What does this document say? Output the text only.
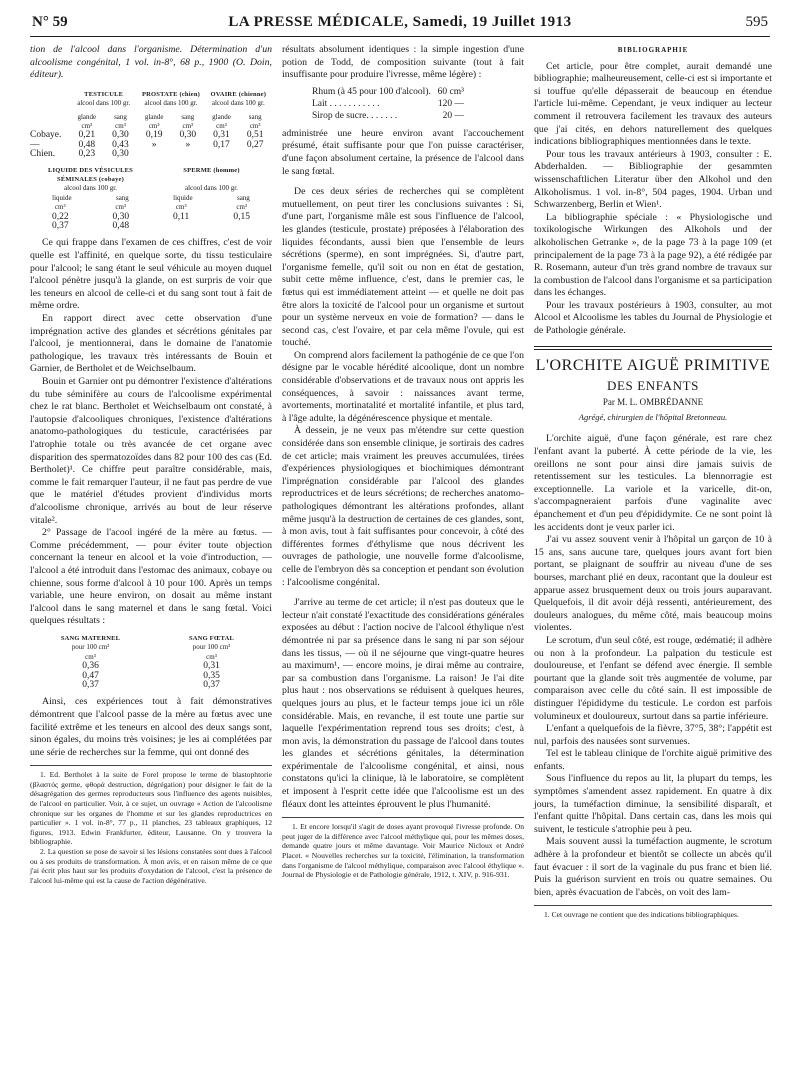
N° 59	LA PRESSE MÉDICALE, Samedi, 19 Juillet 1913	595

tion de l'alcool dans l'organisme. Détermination d'un alcoolisme congénital, 1 vol. in-8°, 68 p., 1900 (O. Doin, éditeur).

TESTICULE	PROSTATE (chien)	OVAIRE (chienne)
alcool dans 100 gr.	alcool dans 100 gr.	alcool dans 100 gr.
glande	sang	glande	sang	glande	sang
cm³	cm³	cm³	cm³	cm³	cm³
Cobaye.	0,21	0,30	0,19	0,30	0,31	0,51
—	0,48	0,43	»	»	0,17	0,27
Chien.	0,23	0,30
LIQUIDE DES VÉSICULES SÉMINALES (cobaye)
SPERME (homme)
alcool dans 100 gr.	alcool dans 100 gr.
liquide	sang	liquide	sang
cm³	cm³	cm³	cm³
0,22	0,30	0,11	0,15
0,37	0,48

Ce qui frappe dans l'examen de ces chiffres, c'est de voir quelle est l'affinité, en quelque sorte, du tissu testiculaire pour l'alcool; le sang étant le seul véhicule au moyen duquel l'alcool pénètre jusqu'à la glande, on est surpris de voir que les teneurs en alcool de celle-ci et du sang sont tout à fait de même ordre.

En rapport direct avec cette observation d'une imprégnation active des glandes et sécrétions génitales par l'alcool, je mentionnerai, dans le domaine de l'anatomie pathologique, les travaux très intéressants de Bouin et Garnier, de Bertholet et de Weichselbaum.

Bouin et Garnier ont pu démontrer l'existence d'altérations du tube séminifère au cours de l'alcoolisme expérimental chez le rat blanc. Bertholet et Weichselbaum ont constaté, à l'autopsie d'alcooliques chroniques, l'existence d'altérations anatomo-pathologiques du testicule, caractérisées par l'atrophie totale ou très avancée de cet organe avec disparition des spermatozoïdes dans 82 pour 100 des cas (Ed. Bertholet)¹. Ce chiffre peut paraître considérable, mais, comme le fait remarquer l'auteur, il ne faut pas perdre de vue que le matériel d'études provient d'individus morts d'alcoolisme chronique, arrivés au bout de leur réserve vitale².

2° Passage de l'acool ingéré de la mère au fœtus. — Comme précédemment, — pour éviter toute objection concernant la teneur en alcool et la voie d'introduction, — l'alcool a été introduit dans l'estomac des animaux, cobaye ou chienne, sous forme d'alcool à 10 pour 100. Après un temps variable, une heure environ, on dosait au même instant l'alcool dans le sang maternel et dans le sang fœtal. Voici quelques résultats :

SANG MATERNEL	SANG FŒTAL
pour 100 cm³	pour 100 cm³
cm³	cm³
0,36	0,31
0,47	0,35
0,37	0,37

Ainsi, ces expériences tout à fait démonstratives démontrent que l'alcool passe de la mère au fœtus avec une facilité extrême et les teneurs en alcool des deux sangs sont, sinon égales, du moins très voisines; je les ai complétées par une série de recherches sur la femme, qui ont donné des

1. Ed. Bertholet à la suite de Forel propose le terme de blastophtorie (βλαστός germe, φθορά destruction, dégrégation) pour désigner le fait de la désagrégation des germes reproducteurs sous l'influence des agents nuisibles, de l'alcool en particulier. Voir, à ce sujet, un ouvrage « Action de l'alcoolisme chronique sur les organes de l'homme et sur les glandes reproductrices en particulier ». 1 vol. in-8°, 77 p., 11 planches, 23 tableaux graphiques, 12 figures, 1913. Edwin Frankfurter, éditeur, Lausanne. On y trouvera la bibliographie.

2. La question se pose de savoir si les lésions constatées sont dues à l'alcool ou à ses produits de transformation. À mon avis, et en raison même de ce que j'ai écrit plus haut sur les produits d'oxydation de l'alcool, c'est la présence de l'alcool lui-même qui est la cause de l'action dégénérative.

résultats absolument identiques : la simple ingestion d'une potion de Todd, de composition suivante (tout à fait insuffisante pour produire l'ivresse, même légère) :

Rhum (à 45 pour 100 d'alcool). 60 cm³
Lait . . . . . . . . . . .	120 —
Sirop de sucre. . . . . . .	20 —

administrée une heure environ avant l'accouchement présumé, était suffisante pour que l'on puisse caractériser, d'une façon absolument certaine, la présence de l'alcool dans le sang fœtal.

De ces deux séries de recherches qui se complètent mutuellement, on peut tirer les conclusions suivantes : Si, d'une part, l'organisme mâle est sous l'influence de l'alcool, les glandes (testicule, prostate) préposées à l'élaboration des liquides fécondants, aussi bien que l'ensemble de leurs sécrétions (sperme), en sont imprégnées. Si, d'autre part, l'organisme femelle, qu'il soit ou non en état de gestation, subit cette même influence, c'est, dans le premier cas, le fœtus qui est immédiatement atteint — et quelle ne doit pas être alors la toxicité de l'alcool pour un organisme et surtout pour un système nerveux en voie de formation? — dans le second cas, c'est l'ovaire, et par cela même l'ovule, qui est touché.

On comprend alors facilement la pathogénie de ce que l'on désigne par le vocable hérédité alcoolique, dont un nombre considérable d'observations et de travaux nous ont appris les conséquences, à savoir : naissances avant terme, avortements, mortinatalité et mortalité infantile, et plus tard, à l'âge adulte, la dégénérescence physique et mentale.

À dessein, je ne veux pas m'étendre sur cette question considérée dans son ensemble clinique, je sortirais des cadres de cet article; mais vraiment les preuves accumulées, tirées d'expériences physiologiques et biochimiques démontrant l'imprégnation considérable par l'alcool des glandes reproductrices et de leurs sécrétions; de recherches anatomo-pathologiques démontrant les altérations profondes, allant même jusqu'à la destruction de certaines de ces glandes, sont, à mon avis, tout à fait suffisantes pour concevoir, à côté des différentes formes d'éthylisme que nous décrivent les ouvrages de pathologie, une nouvelle forme d'alcoolisme, celle de l'embryon dès sa conception et pendant son évolution : l'alcoolisme congénital.

J'arrive au terme de cet article; il n'est pas douteux que le lecteur n'ait constaté l'exactitude des considérations générales exposées au début : l'action nocive de l'alcool éthylique n'est démontrée ni par sa présence dans le sang ni par son séjour dans les tissus, — où il ne séjourne que vingt-quatre heures au maximum¹, — encore moins, je dirai même au contraire, par sa combustion dans l'organisme. La raison! Je l'ai dite plus haut : nos observations se réduisent à quelques heures, quelques jours au plus, et le facteur temps joue ici un rôle considérable. Mais, en revanche, il est toute une partie sur laquelle l'expérimentation reprend tous ses droits; c'est, à mon avis, la démonstration du passage de l'alcool dans toutes les glandes et sécrétions génitales, la détermination expérimentale de l'alcoolisme congénital, et ainsi, nous constatons qu'ici la clinique, là le laboratoire, se complètent et imposent à l'esprit cette idée que l'alcoolisme est un des fléaux dont les atteintes éprouvent le plus l'humanité.

1. Et encore lorsqu'il s'agit de doses ayant provoqué l'ivresse profonde. On peut juger de la différence avec l'alcool méthylique qui, pour les mêmes doses, demande quatre jours et même davantage. Voir Maurice Nicloux et André Placet. « Nouvelles recherches sur la toxicité, l'élimination, la transformation dans l'organisme de l'alcool méthylique, comparaison avec l'alcool éthylique ». Journal de Physiologie et de Pathologie générale, 1912, t. XIV, p. 916-931.

BIBLIOGRAPHIE

Cet article, pour être complet, aurait demandé une bibliographie; malheureusement, celle-ci est si importante et si touffue qu'elle dépasserait de beaucoup en étendue l'article lui-même. Cependant, je veux indiquer au lecteur comment il retrouvera facilement les travaux des auteurs que j'ai cités, en dehors naturellement des quelques indications bibliographiques mentionnées dans le texte.

Pour tous les travaux antérieurs à 1903, consulter : E. Abderhalden. — Bibliographie der gesammten wissenschaftlichen Literatur über den Alkohol und den Alkoholismus. 1 vol. in-8°, 504 pages, 1904. Urban und Schwarzenberg, Berlin et Wien¹.

La bibliographie spéciale : « Physiologische und toxikologische Wirkungen des Alkohols und der alkoholischen Getranke », de la page 73 à la page 109 (et principalement de la page 73 à la page 92), a été rédigée par R. Rosemann, auteur d'un très grand nombre de travaux sur la combustion de l'alcool dans l'organisme et sa participation dans les échanges.

Pour les travaux postérieurs à 1903, consulter, au mot Alcool et Alcoolisme les tables du Journal de Physiologie et de Pathologie générale.

L'ORCHITE AIGUË PRIMITIVE
DES ENFANTS
Par M. L. OMBRÉDANNE
Agrégé, chirurgien de l'hôpital Bretonneau.

L'orchite aiguë, d'une façon générale, est rare chez l'enfant avant la puberté. À cette période de la vie, les oreillons ne sont pour ainsi dire jamais suivis de retentissement sur les testicules. La blennorragie est exceptionnelle. La variole et la varicelle, dit-on, s'accompagneraient parfois d'une vaginalite avec épanchement et d'un peu d'épididymite. Ce ne sont point là les accidents dont je veux parler ici.

J'ai vu assez souvent venir à l'hôpital un garçon de 10 à 15 ans, sans aucune tare, quelques jours avant fort bien portant, se plaignant de souffrir au niveau d'une de ses bourses, marchant plié en deux, racontant que la douleur est apparue assez brusquement deux ou trois jours auparavant. Quelquefois, il dit avoir déjà ressenti, antérieurement, des douleurs analogues, du même côté, mais beaucoup moins violentes.

Le scrotum, d'un seul côté, est rouge, œdématié; il adhère ou non à la profondeur. La palpation du testicule est douloureuse, et l'enfant se défend avec énergie. Il semble pourtant que la glande soit très augmentée de volume, par comparaison avec celle du côté sain. Il est impossible de distinguer l'épididyme du testicule. Le cordon est parfois volumineux et douloureux, surtout dans sa partie inférieure.

L'enfant a quelquefois de la fièvre, 37°5, 38°; l'appétit est nul, parfois des nausées sont survenues.

Tel est le tableau clinique de l'orchite aiguë primitive des enfants.

Sous l'influence du repos au lit, la plupart du temps, les symptômes s'amendent assez rapidement. En quatre à dix jours, la tuméfaction diminue, la sensibilité disparaît, et l'enfant quitte l'hôpital. Dans certain cas, dans les mois qui suivent, le testicule s'atrophie peu à peu.

Mais souvent aussi la tuméfaction augmente, le scrotum adhère à la profondeur et bientôt se collecte un abcès qu'il faut évacuer : il sort de la vaginale du pus franc et bien lié. Puis la guérison survient en trois ou quatre semaines. Ou bien, après évacuation de l'abcès, on voit des lam-

1. Cet ouvrage ne contient que des indications bibliographiques.
